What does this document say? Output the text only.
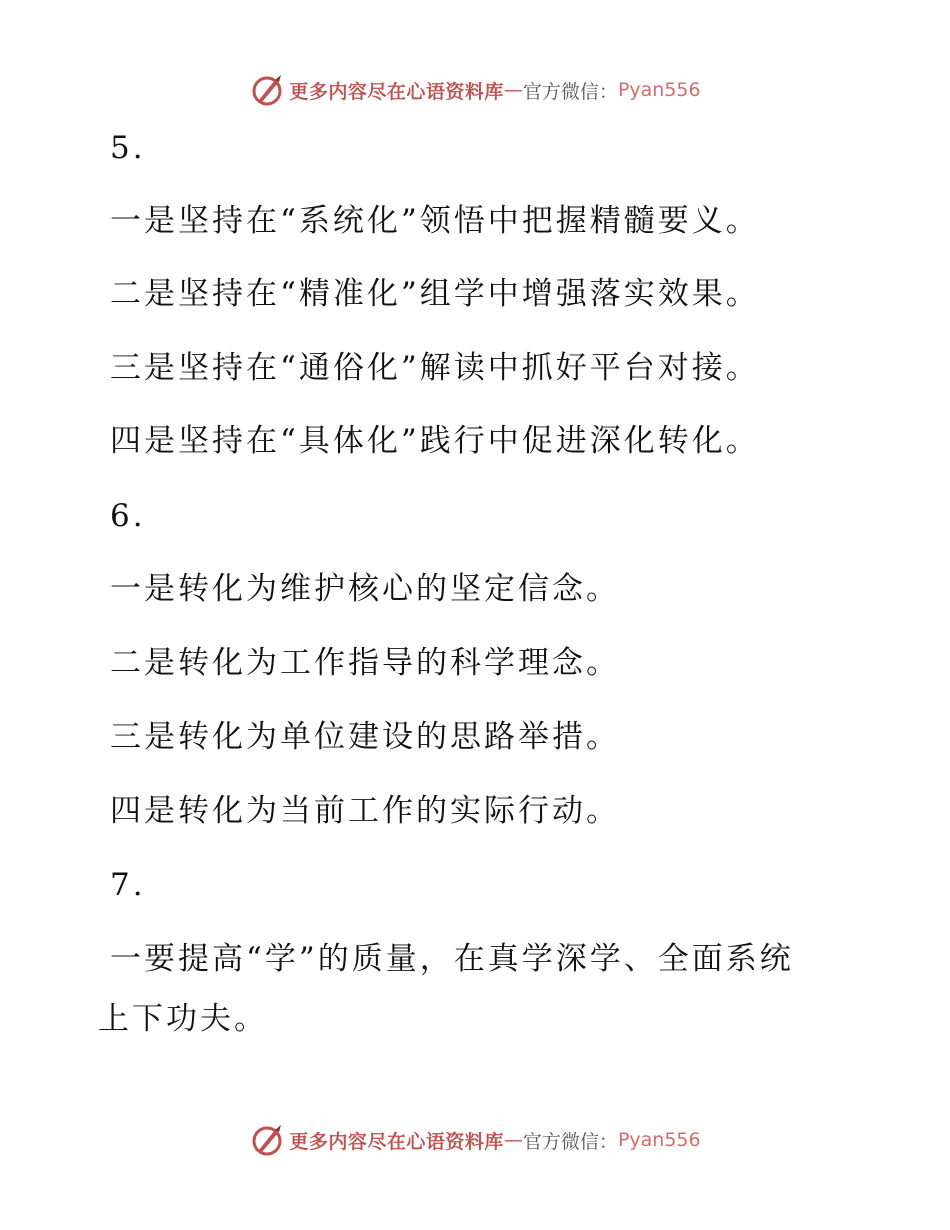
更多内容尽在心语资料库 — 官方微信： Pyan556
5.
一是坚持在“系统化”领悟中把握精髓要义。
二是坚持在“精准化”组学中增强落实效果。
三是坚持在“通俗化”解读中抓好平台对接。
四是坚持在“具体化”践行中促进深化转化。
6.
一是转化为维护核心的坚定信念。
二是转化为工作指导的科学理念。
三是转化为单位建设的思路举措。
四是转化为当前工作的实际行动。
7.
一要提高“学”的质量，在真学深学、全面系统
上下功夫。
更多内容尽在心语资料库 — 官方微信： Pyan556
